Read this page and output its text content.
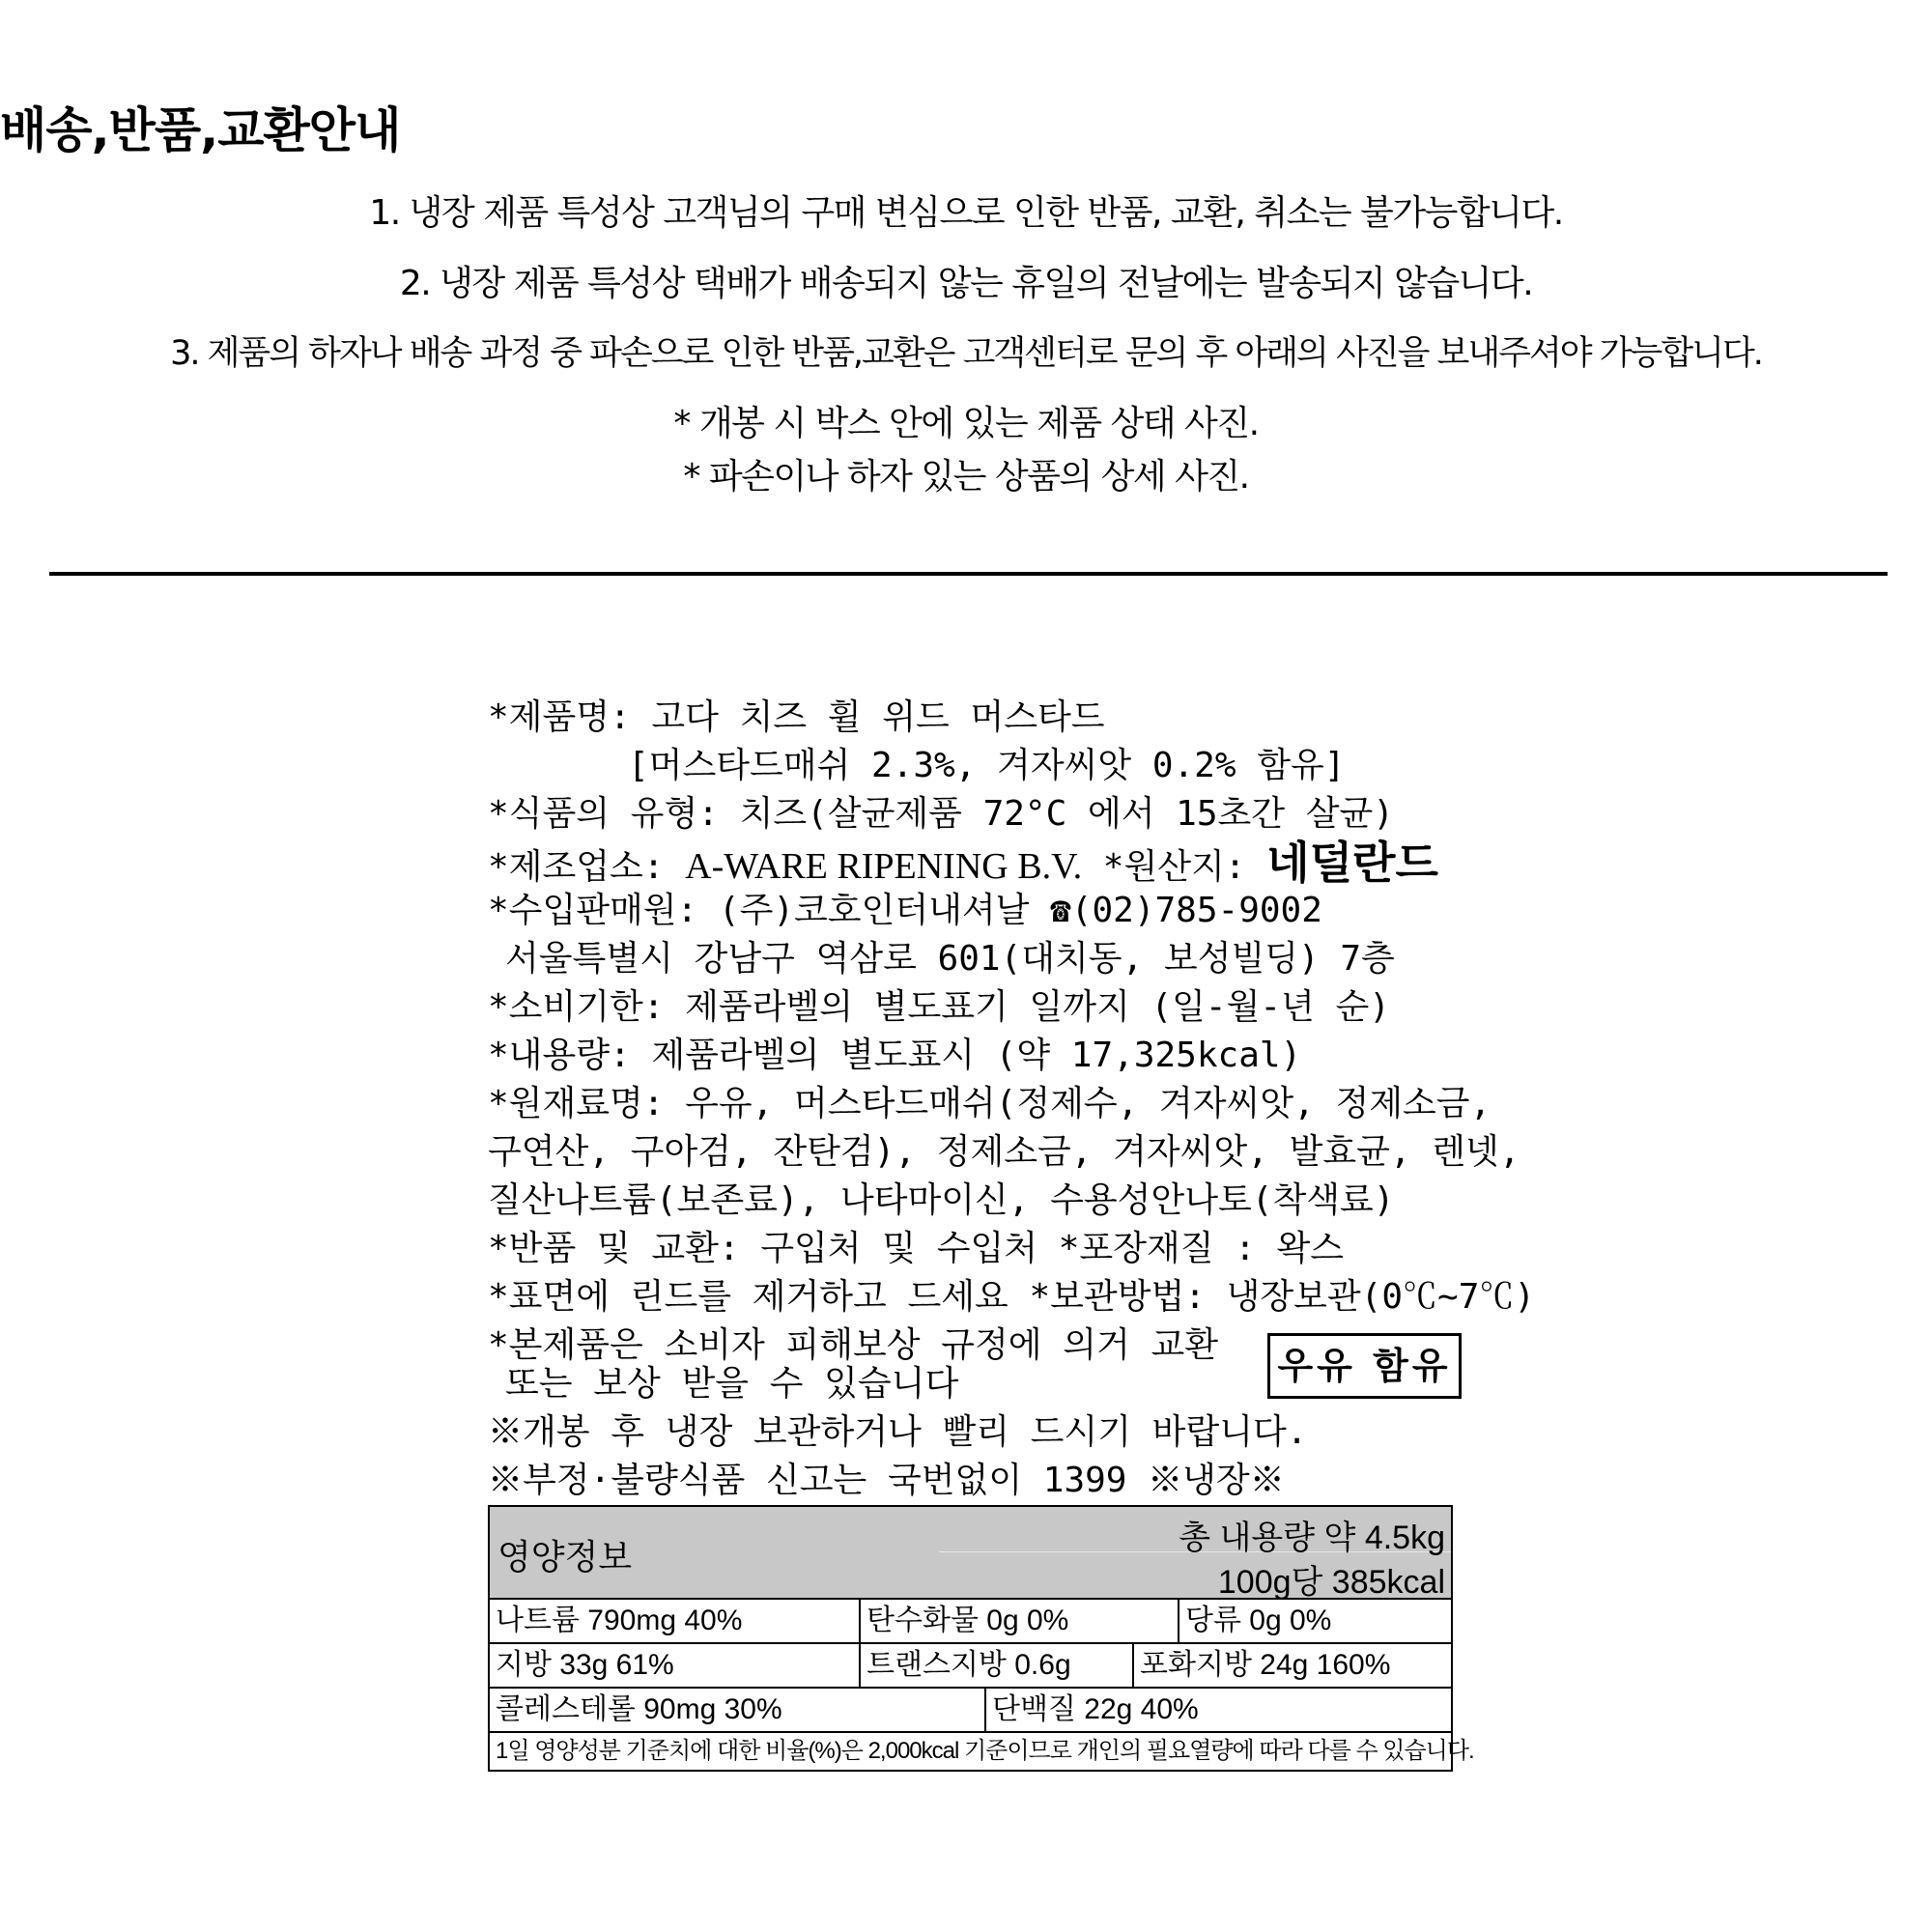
배송,반품,교환안내
1. 냉장 제품 특성상 고객님의 구매 변심으로 인한 반품, 교환, 취소는 불가능합니다.
2. 냉장 제품 특성상 택배가 배송되지 않는 휴일의 전날에는 발송되지 않습니다.
3. 제품의 하자나 배송 과정 중 파손으로 인한 반품,교환은 고객센터로 문의 후 아래의 사진을 보내주셔야 가능합니다.
* 개봉 시 박스 안에 있는 제품 상태 사진.
* 파손이나 하자 있는 상품의 상세 사진.
*제품명: 고다 치즈 휠 위드 머스타드
[머스타드매쉬 2.3%, 겨자씨앗 0.2% 함유]
*식품의 유형: 치즈(살균제품 72°C 에서 15초간 살균)
*제조업소: A-WARE RIPENING B.V. *원산지: 네덜란드
*수입판매원: (주)코호인터내셔날 ☎(02)785-9002
서울특별시 강남구 역삼로 601(대치동, 보성빌딩) 7층
*소비기한: 제품라벨의 별도표기 일까지 (일-월-년 순)
*내용량: 제품라벨의 별도표시 (약 17,325kcal)
*원재료명: 우유, 머스타드매쉬(정제수, 겨자씨앗, 정제소금,
구연산, 구아검, 잔탄검), 정제소금, 겨자씨앗, 발효균, 렌넷,
질산나트륨(보존료), 나타마이신, 수용성안나토(착색료)
*반품 및 교환: 구입처 및 수입처 *포장재질 : 왁스
*표면에 린드를 제거하고 드세요 *보관방법: 냉장보관(0℃~7℃)
*본제품은 소비자 피해보상 규정에 의거 교환
또는 보상 받을 수 있습니다
※개봉 후 냉장 보관하거나 빨리 드시기 바랍니다.
※부정·불량식품 신고는 국번없이 1399 ※냉장※
우유 함유
영양정보	총 내용량 약 4.5kg
100g당 385kcal
나트륨 790mg 40%	탄수화물 0g 0%	당류 0g 0%
지방 33g 61%	트랜스지방 0.6g	포화지방 24g 160%
콜레스테롤 90mg 30%	단백질 22g 40%
1일 영양성분 기준치에 대한 비율(%)은 2,000kcal 기준이므로 개인의 필요열량에 따라 다를 수 있습니다.
